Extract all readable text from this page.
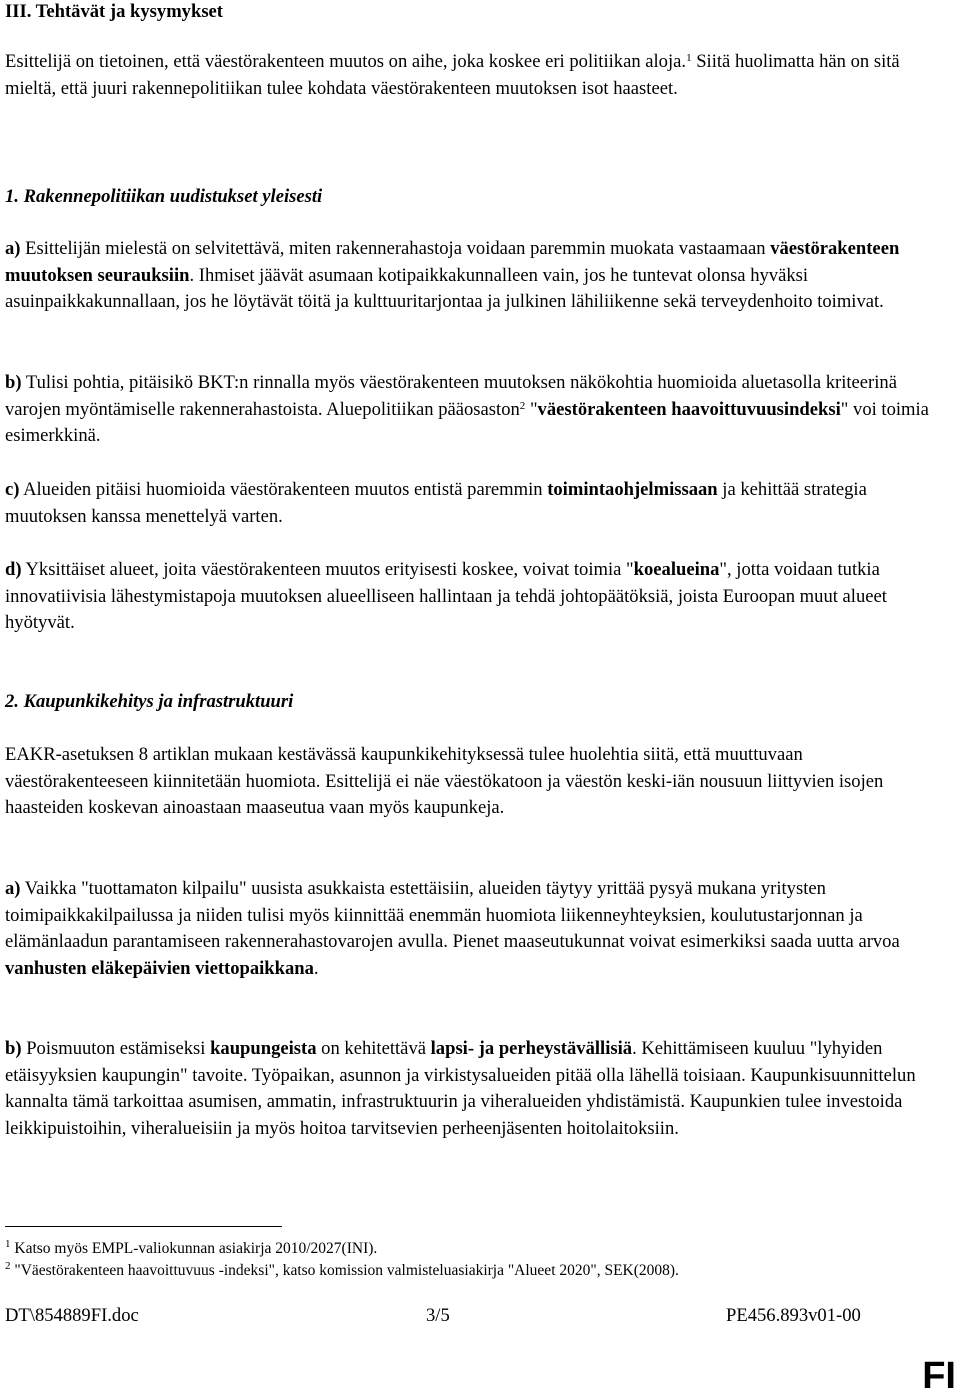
III. Tehtävät ja kysymykset

Esittelijä on tietoinen, että väestörakenteen muutos on aihe, joka koskee eri politiikan aloja.$^1$ Siitä huolimatta hän on sitä mieltä, että juuri rakennepolitiikan tulee kohdata väestörakenteen muutoksen isot haasteet.

1. Rakennepolitiikan uudistukset yleisesti

a) Esittelijän mielestä on selvitettävä, miten rakennerahastoja voidaan paremmin muokata vastaamaan väestörakenteen muutoksen seurauksiin. Ihmiset jäävät asumaan kotipaikkakunnalleen vain, jos he tuntevat olonsa hyväksi asuinpaikkakunnallaan, jos he löytävät töitä ja kulttuuritarjontaa ja julkinen lähiliikenne sekä terveydenhoito toimivat.

b) Tulisi pohtia, pitäisikö BKT:n rinnalla myös väestörakenteen muutoksen näkökohtia huomioida aluetasolla kriteerinä varojen myöntämiselle rakennerahastoista. Aluepolitiikan pääosaston$^2$ "väestörakenteen haavoittuvuusindeksi" voi toimia esimerkkinä.

c) Alueiden pitäisi huomioida väestörakenteen muutos entistä paremmin toimintaohjelmissaan ja kehittää strategia muutoksen kanssa menettelyä varten.

d) Yksittäiset alueet, joita väestörakenteen muutos erityisesti koskee, voivat toimia "koealueina", jotta voidaan tutkia innovatiivisia lähestymistapoja muutoksen alueelliseen hallintaan ja tehdä johtopäätöksiä, joista Euroopan muut alueet hyötyvät.

2. Kaupunkikehitys ja infrastruktuuri

EAKR-asetuksen 8 artiklan mukaan kestävässä kaupunkikehityksessä tulee huolehtia siitä, että muuttuvaan väestörakenteeseen kiinnitetään huomiota. Esittelijä ei näe väestökatoon ja väestön keski-iän nousuun liittyvien isojen haasteiden koskevan ainoastaan maaseutua vaan myös kaupunkeja.

a) Vaikka "tuottamaton kilpailu" uusista asukkaista estettäisiin, alueiden täytyy yrittää pysyä mukana yritysten toimipaikkakilpailussa ja niiden tulisi myös kiinnittää enemmän huomiota liikenneyhteyksien, koulutustarjonnan ja elämänlaadun parantamiseen rakennerahastovarojen avulla. Pienet maaseutukunnat voivat esimerkiksi saada uutta arvoa vanhusten eläkepäivien viettopaikkana.

b) Poismuuton estämiseksi kaupungeista on kehitettävä lapsi- ja perheystävällisiä. Kehittämiseen kuuluu "lyhyiden etäisyyksien kaupungin" tavoite. Työpaikan, asunnon ja virkistysalueiden pitää olla lähellä toisiaan. Kaupunkisuunnittelun kannalta tämä tarkoittaa asumisen, ammatin, infrastruktuurin ja viheralueiden yhdistämistä. Kaupunkien tulee investoida leikkipuistoihin, viheralueisiin ja myös hoitoa tarvitsevien perheenjäsenten hoitolaitoksiin.

$^1$ Katso myös EMPL-valiokunnan asiakirja 2010/2027(INI).

$^2$ "Väestörakenteen haavoittuvuus -indeksi", katso komission valmisteluasiakirja "Alueet 2020", SEK(2008).

DT\854889FI.doc	3/5	PE456.893v01-00
FI
